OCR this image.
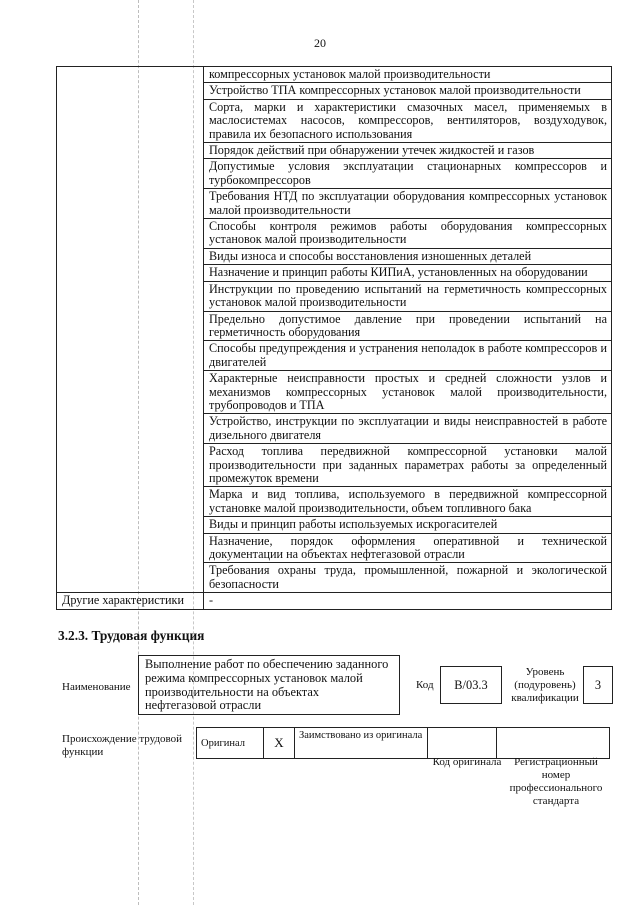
20
	компрессорных установок малой производительности
	Устройство ТПА компрессорных установок малой производительности
	Сорта, марки и характеристики смазочных масел, применяемых в маслосистемах насосов, компрессоров, вентиляторов, воздуходувок, правила их безопасного использования
	Порядок действий при обнаружении утечек жидкостей и газов
	Допустимые условия эксплуатации стационарных компрессоров и турбокомпрессоров
	Требования НТД по эксплуатации оборудования компрессорных установок малой производительности
	Способы контроля режимов работы оборудования компрессорных установок малой производительности
	Виды износа и способы восстановления изношенных деталей
	Назначение и принцип работы КИПиА, установленных на оборудовании
	Инструкции по проведению испытаний на герметичность компрессорных установок малой производительности
	Предельно допустимое давление при проведении испытаний на герметичность оборудования
	Способы предупреждения и устранения неполадок в работе компрессоров и двигателей
	Характерные неисправности простых и средней сложности узлов и механизмов компрессорных установок малой производительности, трубопроводов и ТПА
	Устройство, инструкции по эксплуатации и виды неисправностей в работе дизельного двигателя
	Расход топлива передвижной компрессорной установки малой производительности при заданных параметрах работы за определенный промежуток времени
	Марка и вид топлива, используемого в передвижной компрессорной установке малой производительности, объем топливного бака
	Виды и принцип работы используемых искрогасителей
	Назначение, порядок оформления оперативной и технической документации на объектах нефтегазовой отрасли
	Требования охраны труда, промышленной, пожарной и экологической безопасности
Другие характеристики	-
3.2.3. Трудовая функция
Наименование
Выполнение работ по обеспечению заданного режима компрессорных установок малой производительности на объектах нефтегазовой отрасли
Код	B/03.3
Уровень (подуровень) квалификации
3
Происхождение трудовой функции
Оригинал	X	Заимствовано из оригинала		
Код оригинала	Регистрационный номер профессионального стандарта
